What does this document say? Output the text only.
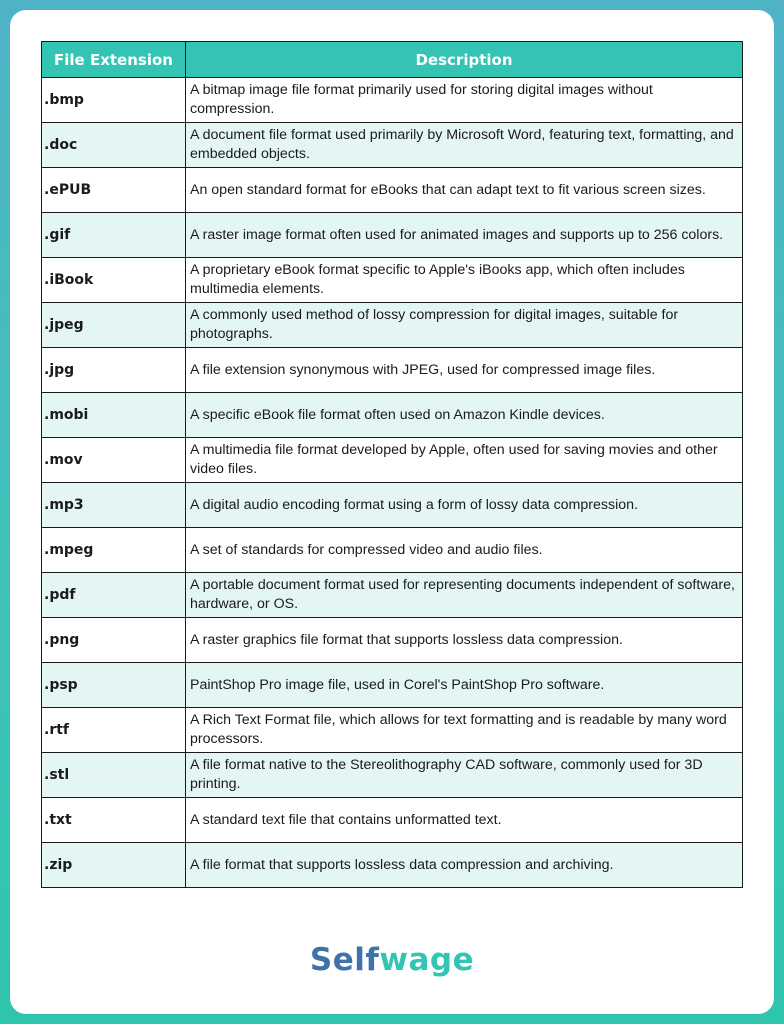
File Extension	Description
.bmp	A bitmap image file format primarily used for storing digital images without compression.
.doc	A document file format used primarily by Microsoft Word, featuring text, formatting, and embedded objects.
.ePUB	An open standard format for eBooks that can adapt text to fit various screen sizes.
.gif	A raster image format often used for animated images and supports up to 256 colors.
.iBook	A proprietary eBook format specific to Apple's iBooks app, which often includes multimedia elements.
.jpeg	A commonly used method of lossy compression for digital images, suitable for photographs.
.jpg	A file extension synonymous with JPEG, used for compressed image files.
.mobi	A specific eBook file format often used on Amazon Kindle devices.
.mov	A multimedia file format developed by Apple, often used for saving movies and other video files.
.mp3	A digital audio encoding format using a form of lossy data compression.
.mpeg	A set of standards for compressed video and audio files.
.pdf	A portable document format used for representing documents independent of software, hardware, or OS.
.png	A raster graphics file format that supports lossless data compression.
.psp	PaintShop Pro image file, used in Corel's PaintShop Pro software.
.rtf	A Rich Text Format file, which allows for text formatting and is readable by many word processors.
.stl	A file format native to the Stereolithography CAD software, commonly used for 3D printing.
.txt	A standard text file that contains unformatted text.
.zip	A file format that supports lossless data compression and archiving.
Selfwage
